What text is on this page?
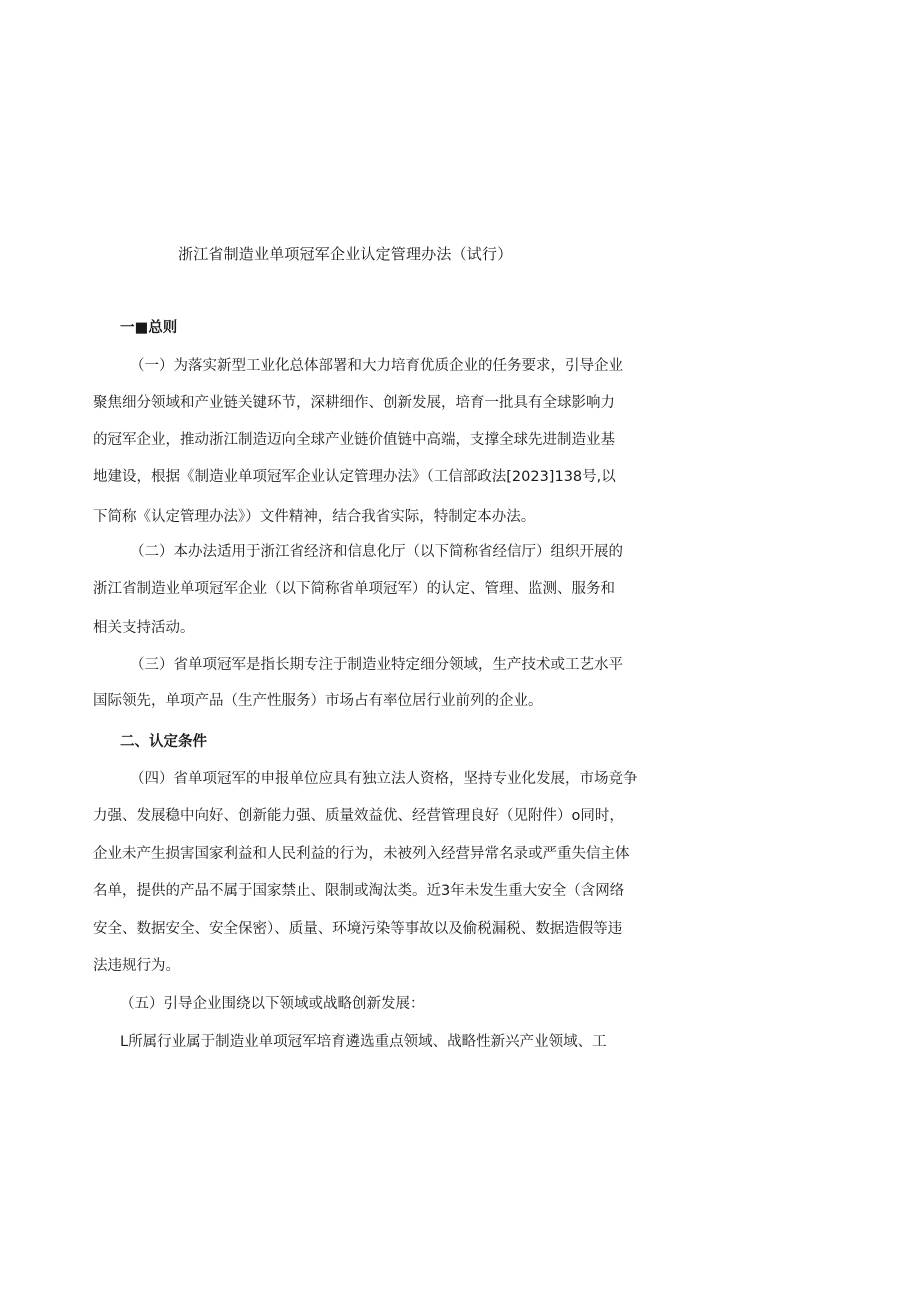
浙江省制造业单项冠军企业认定管理办法（试行）
一■总则
（一）为落实新型工业化总体部署和大力培育优质企业的任务要求，引导企业
聚焦细分领域和产业链关键环节，深耕细作、创新发展，培育一批具有全球影响力
的冠军企业，推动浙江制造迈向全球产业链价值链中高端，支撑全球先进制造业基
地建设，根据《制造业单项冠军企业认定管理办法》（工信部政法[2023]138号,以
下简称《认定管理办法》）文件精神，结合我省实际，特制定本办法。
（二）本办法适用于浙江省经济和信息化厅（以下简称省经信厅）组织开展的
浙江省制造业单项冠军企业（以下简称省单项冠军）的认定、管理、监测、服务和
相关支持活动。
（三）省单项冠军是指长期专注于制造业特定细分领域，生产技术或工艺水平
国际领先，单项产品（生产性服务）市场占有率位居行业前列的企业。
二、认定条件
（四）省单项冠军的申报单位应具有独立法人资格，坚持专业化发展，市场竞争
力强、发展稳中向好、创新能力强、质量效益优、经营管理良好（见附件）o同时，
企业未产生损害国家利益和人民利益的行为，未被列入经营异常名录或严重失信主体
名单，提供的产品不属于国家禁止、限制或淘汰类。近3年未发生重大安全（含网络
安全、数据安全、安全保密）、质量、环境污染等事故以及偷税漏税、数据造假等违
法违规行为。
（五）引导企业围绕以下领域或战略创新发展：
L所属行业属于制造业单项冠军培育遴选重点领域、战略性新兴产业领域、工
